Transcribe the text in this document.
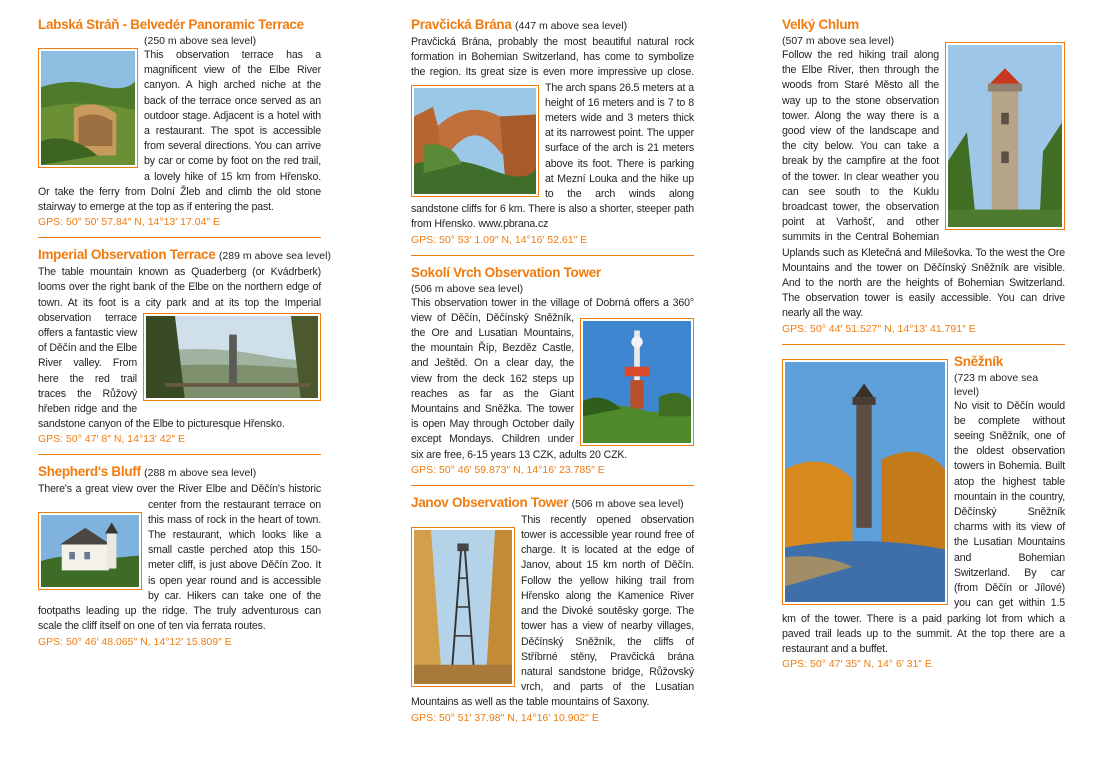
Labská Stráň - Belvedér Panoramic Terrace
(250 m above sea level)

This observation terrace has a magnificent view of the Elbe River canyon. A high arched niche at the back of the terrace once served as an outdoor stage. Adjacent is a hotel with a restaurant. The spot is accessible from several directions. You can arrive by car or come by foot on the red trail, a lovely hike of 15 km from Hřensko. Or take the ferry from Dolní Žleb and climb the old stone stairway to emerge at the top as if entering the past.

GPS: 50° 50′ 57.84″ N, 14°13′ 17.04″ E
Imperial Observation Terrace (289 m above sea level)

The table mountain known as Quaderberg (or Kvádrberk) looms over the right bank of the Elbe on the northern edge of town. At its foot is a city park and at its top the Imperial observation terrace offers a fantastic view of Děčín and the Elbe River valley. From here the red trail traces the Růžový hřeben ridge and the sandstone canyon of the Elbe to picturesque Hřensko.

GPS: 50° 47′ 8″ N, 14°13′ 42″ E
Shepherd's Bluff (288 m above sea level)

There's a great view over the River Elbe and Děčín's historic center from the restaurant terrace on this mass of rock in the heart of town. The restaurant, which looks like a small castle perched atop this 150-meter cliff, is just above Děčín Zoo. It is open year round and is accessible by car. Hikers can take one of the footpaths leading up the ridge. The truly adventurous can scale the cliff itself on one of ten via ferrata routes.

GPS: 50° 46′ 48.065″ N, 14°12′ 15.809″ E
Pravčická Brána (447 m above sea level)

Pravčická Brána, probably the most beautiful natural rock formation in Bohemian Switzerland, has come to symbolize the region. Its great size is even more impressive up close. The arch spans 26.5 meters at a height of 16 meters and is 7 to 8 meters wide and 3 meters thick at its narrowest point. The upper surface of the arch is 21 meters above its foot. There is parking at Mezní Louka and the hike up to the arch winds along sandstone cliffs for 6 km. There is also a shorter, steeper path from Hřensko. www.pbrana.cz

GPS: 50° 53′ 1.09″ N, 14°16′ 52.61″ E
Sokolí Vrch Observation Tower
(506 m above sea level)

This observation tower in the village of Dobrná offers a 360° view of Děčín, Děčínský Sněžník, the Ore and Lusatian Mountains, the mountain Říp, Bezděz Castle, and Ještěd. On a clear day, the view from the deck 162 steps up reaches as far as the Giant Mountains and Sněžka. The tower is open May through October daily except Mondays. Children under six are free, 6-15 years 13 CZK, adults 20 CZK.

GPS: 50° 46′ 59.873″ N, 14°16′ 23.785″ E
Janov Observation Tower (506 m above sea level)

This recently opened observation tower is accessible year round free of charge. It is located at the edge of Janov, about 15 km north of Děčín. Follow the yellow hiking trail from Hřensko along the Kamenice River and the Divoké soutěsky gorge. The tower has a view of nearby villages, Děčínský Sněžník, the cliffs of Stříbrné stěny, Pravčická brána natural sandstone bridge, Růžovský vrch, and parts of the Lusatian Mountains as well as the table mountains of Saxony.

GPS: 50° 51′ 37.98″ N, 14°16′ 10.902″ E
Velký Chlum
(507 m above sea level)

Follow the red hiking trail along the Elbe River, then through the woods from Staré Město all the way up to the stone observation tower. Along the way there is a good view of the landscape and the city below. You can take a break by the campfire at the foot of the tower. In clear weather you can see south to the Kuklu broadcast tower, the observation point at Varhošť, and other summits in the Central Bohemian Uplands such as Kletečná and Milešovka. To the west the Ore Mountains and the tower on Děčínský Sněžník are visible. And to the north are the heights of Bohemian Switzerland. The observation tower is easily accessible. You can drive nearly all the way.

GPS: 50° 44′ 51.527″ N, 14°13′ 41.791″ E
Sněžník
(723 m above sea level)

No visit to Děčín would be complete without seeing Sněžník, one of the oldest observation towers in Bohemia. Built atop the highest table mountain in the country, Děčínský Sněžník charms with its view of the Lusatian Mountains and Bohemian Switzerland. By car (from Děčín or Jílové) you can get within 1.5 km of the tower. There is a paid parking lot from which a paved trail leads up to the summit. At the top there are a restaurant and a buffet.

GPS: 50° 47′ 35″ N, 14° 6′ 31″ E
